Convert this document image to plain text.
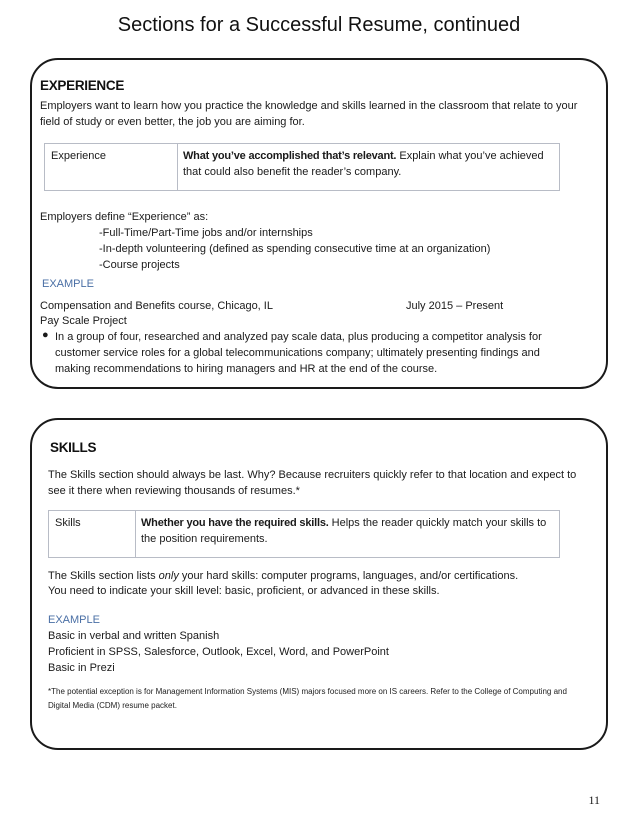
Sections for a Successful Resume, continued
EXPERIENCE
Employers want to learn how you practice the knowledge and skills learned in the classroom that relate to your field of study or even better, the job you are aiming for.
Experience	What you’ve accomplished that’s relevant. Explain what you’ve achieved that could also benefit the reader’s company.
Employers define “Experience” as:
-Full-Time/Part-Time jobs and/or internships
-In-depth volunteering (defined as spending consecutive time at an organization)
-Course projects
EXAMPLE
Compensation and Benefits course, Chicago, IL	July 2015 – Present
Pay Scale Project
● In a group of four, researched and analyzed pay scale data, plus producing a competitor analysis for customer service roles for a global telecommunications company; ultimately presenting findings and making recommendations to hiring managers and HR at the end of the course.
SKILLS
The Skills section should always be last. Why? Because recruiters quickly refer to that location and expect to see it there when reviewing thousands of resumes.*
Skills	Whether you have the required skills. Helps the reader quickly match your skills to the position requirements.
The Skills section lists only your hard skills: computer programs, languages, and/or certifications.
You need to indicate your skill level: basic, proficient, or advanced in these skills.
EXAMPLE
Basic in verbal and written Spanish
Proficient in SPSS, Salesforce, Outlook, Excel, Word, and PowerPoint
Basic in Prezi
*The potential exception is for Management Information Systems (MIS) majors focused more on IS careers. Refer to the College of Computing and Digital Media (CDM) resume packet.
11
